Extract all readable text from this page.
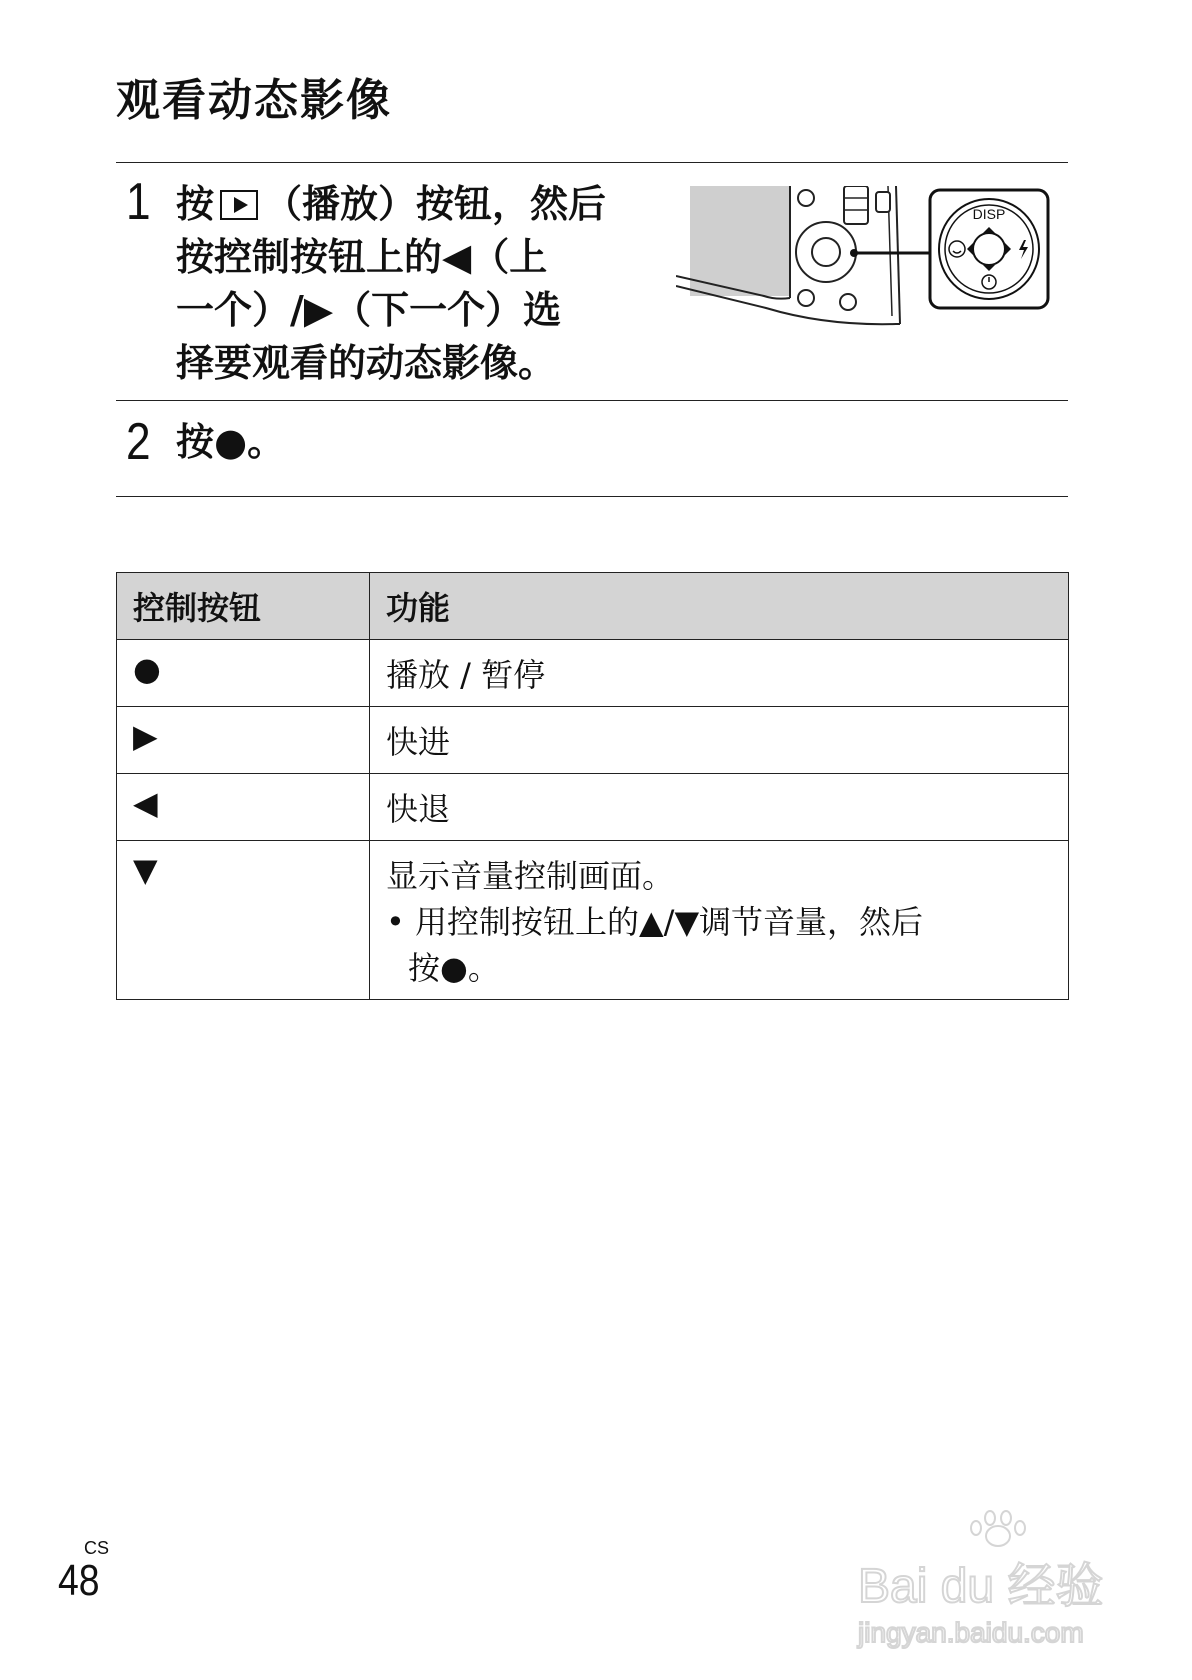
观看动态影像
1 按 （播放）按钮，然后
按控制按钮上的◀（上
一个）/▶（下一个）选
择要观看的动态影像。
DISP
2 按●。
控制按钮	功能
●	播放 / 暂停
▶	快进
◀	快退
▼	显示音量控制画面。
• 用控制按钮上的▲/▼调节音量，然后
按●。
CS
48	Bai du 经验
jingyan.baidu.com
